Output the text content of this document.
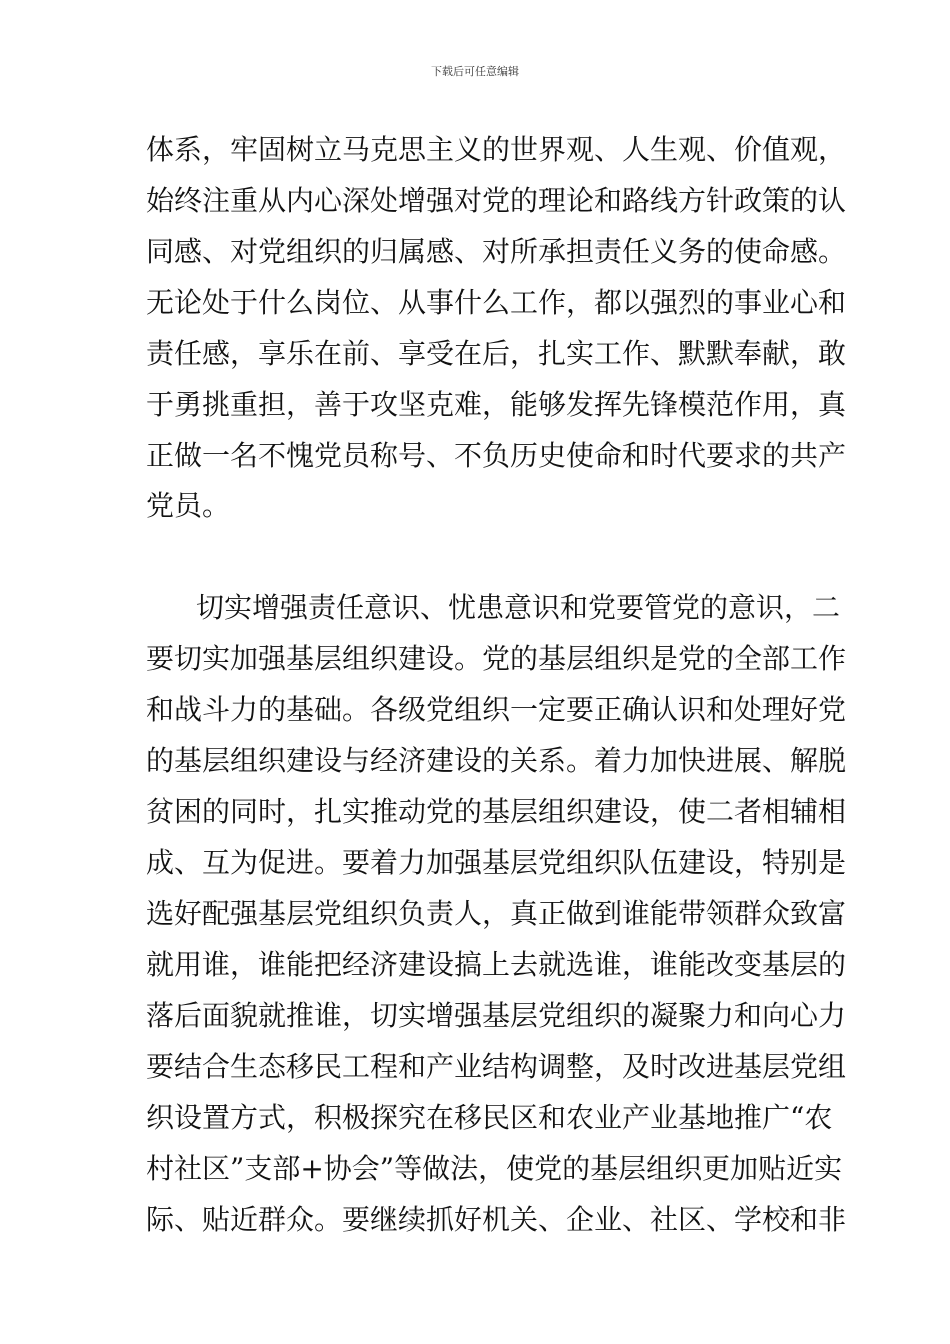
下载后可任意编辑
体系，牢固树立马克思主义的世界观、人生观、价值观，
始终注重从内心深处增强对党的理论和路线方针政策的认
同感、对党组织的归属感、对所承担责任义务的使命感。
无论处于什么岗位、从事什么工作，都以强烈的事业心和
责任感，享乐在前、享受在后，扎实工作、默默奉献，敢
于勇挑重担，善于攻坚克难，能够发挥先锋模范作用，真
正做一名不愧党员称号、不负历史使命和时代要求的共产
党员。
切实增强责任意识、忧患意识和党要管党的意识，二
要切实加强基层组织建设。党的基层组织是党的全部工作
和战斗力的基础。各级党组织一定要正确认识和处理好党
的基层组织建设与经济建设的关系。着力加快进展、解脱
贫困的同时，扎实推动党的基层组织建设，使二者相辅相
成、互为促进。要着力加强基层党组织队伍建设，特别是
选好配强基层党组织负责人，真正做到谁能带领群众致富
就用谁，谁能把经济建设搞上去就选谁，谁能改变基层的
落后面貌就推谁，切实增强基层党组织的凝聚力和向心力
要结合生态移民工程和产业结构调整，及时改进基层党组
织设置方式，积极探究在移民区和农业产业基地推广“农
村社区”支部+协会”等做法，使党的基层组织更加贴近实
际、贴近群众。要继续抓好机关、企业、社区、学校和非
